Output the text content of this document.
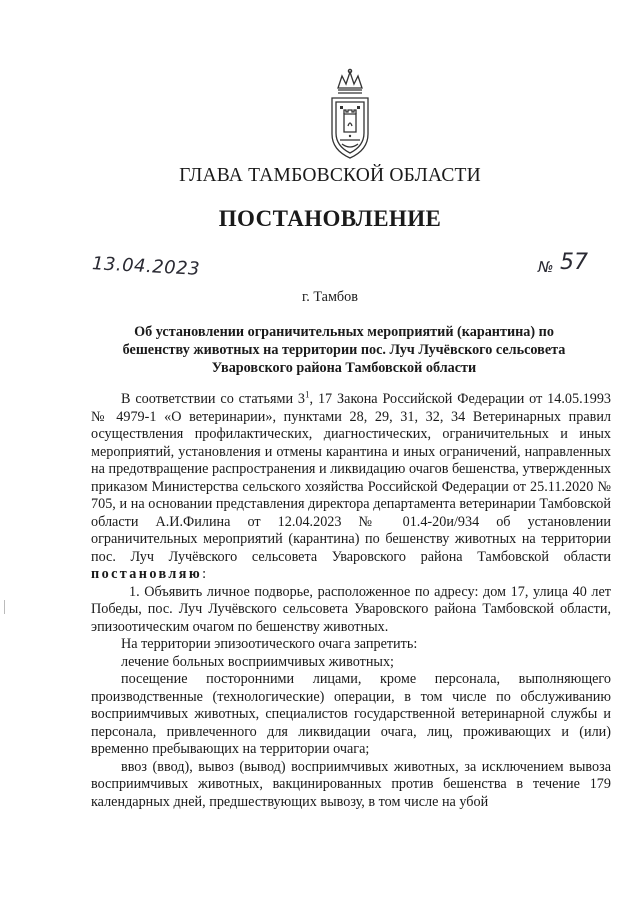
ГЛАВА ТАМБОВСКОЙ ОБЛАСТИ
ПОСТАНОВЛЕНИЕ
13.04.2023	№ 57
г. Тамбов
Об установлении ограничительных мероприятий (карантина) по
бешенству животных на территории пос. Луч Лучёвского сельсовета
Уваровского района Тамбовской области

В соответствии со статьями $3^1$, 17 Закона Российской Федерации от 14.05.1993 № 4979-1 «О ветеринарии», пунктами 28, 29, 31, 32, 34 Ветеринарных правил осуществления профилактических, диагностических, ограничительных и иных мероприятий, установления и отмены карантина и иных ограничений, направленных на предотвращение распространения и ликвидацию очагов бешенства, утвержденных приказом Министерства сельского хозяйства Российской Федерации от 25.11.2020 № 705, и на основании представления директора департамента ветеринарии Тамбовской области А.И.Филина от 12.04.2023 № 01.4-20и/934 об установлении ограничительных мероприятий (карантина) по бешенству животных на территории пос. Луч Лучёвского сельсовета Уваровского района Тамбовской области постановляю:

1. Объявить личное подворье, расположенное по адресу: дом 17, улица 40 лет Победы, пос. Луч Лучёвского сельсовета Уваровского района Тамбовской области, эпизоотическим очагом по бешенству животных.

На территории эпизоотического очага запретить:

лечение больных восприимчивых животных;

посещение посторонними лицами, кроме персонала, выполняющего производственные (технологические) операции, в том числе по обслуживанию восприимчивых животных, специалистов государственной ветеринарной службы и персонала, привлеченного для ликвидации очага, лиц, проживающих и (или) временно пребывающих на территории очага;

ввоз (ввод), вывоз (вывод) восприимчивых животных, за исключением вывоза восприимчивых животных, вакцинированных против бешенства в течение 179 календарных дней, предшествующих вывозу, в том числе на убой
